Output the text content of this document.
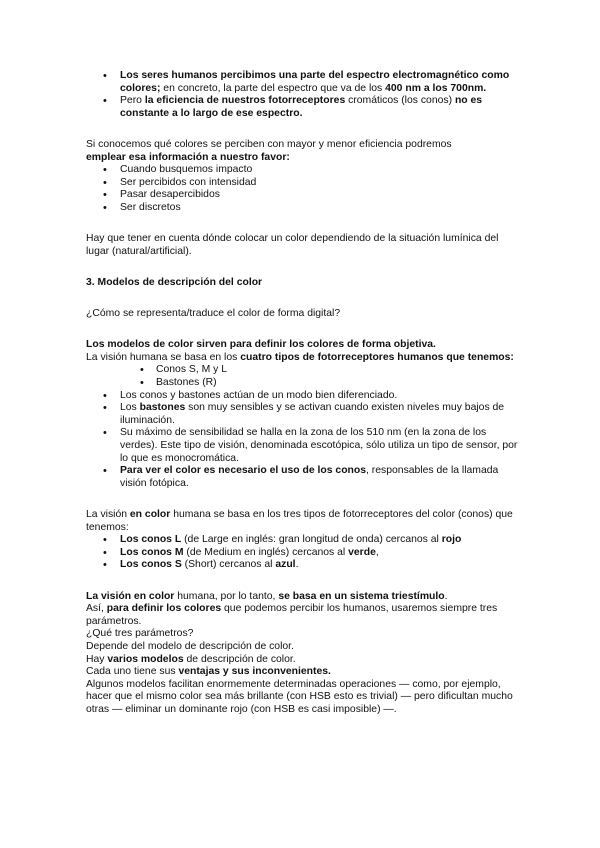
• Los seres humanos percibimos una parte del espectro electromagnético como colores; en concreto, la parte del espectro que va de los 400 nm a los 700nm.
• Pero la eficiencia de nuestros fotorreceptores cromáticos (los conos) no es constante a lo largo de ese espectro.

Si conocemos qué colores se perciben con mayor y menor eficiencia podremos
emplear esa información a nuestro favor:

• Cuando busquemos impacto
• Ser percibidos con intensidad
• Pasar desapercibidos
• Ser discretos

Hay que tener en cuenta dónde colocar un color dependiendo de la situación lumínica del lugar (natural/artificial).

3. Modelos de descripción del color

¿Cómo se representa/traduce el color de forma digital?

Los modelos de color sirven para definir los colores de forma objetiva.

La visión humana se basa en los cuatro tipos de fotorreceptores humanos que tenemos:

• Conos S, M y L
• Bastones (R)
• Los conos y bastones actúan de un modo bien diferenciado.
• Los bastones son muy sensibles y se activan cuando existen niveles muy bajos de iluminación.
• Su máximo de sensibilidad se halla en la zona de los 510 nm (en la zona de los verdes). Este tipo de visión, denominada escotópica, sólo utiliza un tipo de sensor, por lo que es monocromática.
• Para ver el color es necesario el uso de los conos, responsables de la llamada visión fotópica.

La visión en color humana se basa en los tres tipos de fotorreceptores del color (conos) que tenemos:

• Los conos L (de Large en inglés: gran longitud de onda) cercanos al rojo
• Los conos M (de Medium en inglés) cercanos al verde,
• Los conos S (Short) cercanos al azul.

La visión en color humana, por lo tanto, se basa en un sistema triestímulo.

Así, para definir los colores que podemos percibir los humanos, usaremos siempre tres parámetros.

¿Qué tres parámetros?

Depende del modelo de descripción de color.

Hay varios modelos de descripción de color.

Cada uno tiene sus ventajas y sus inconvenientes.

Algunos modelos facilitan enormemente determinadas operaciones — como, por ejemplo, hacer que el mismo color sea más brillante (con HSB esto es trivial) — pero dificultan mucho otras — eliminar un dominante rojo (con HSB es casi imposible) —.
